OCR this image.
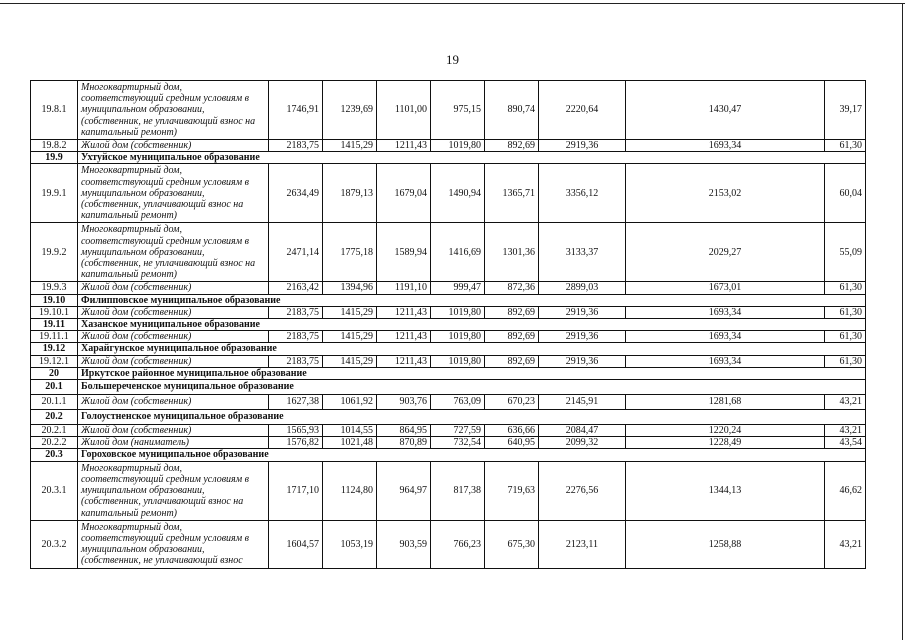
19
19.8.1	Многоквартирный дом, соответствующий средним условиям в муниципальном образовании, (собственник, не уплачивающий взнос на капитальный ремонт)	1746,91	1239,69	1101,00	975,15	890,74	2220,64	1430,47	39,17
19.8.2	Жилой дом (собственник)	2183,75	1415,29	1211,43	1019,80	892,69	2919,36	1693,34	61,30
19.9	Ухтуйское муниципальное образование								
19.9.1	Многоквартирный дом, соответствующий средним условиям в муниципальном образовании, (собственник, уплачивающий взнос на капитальный ремонт)	2634,49	1879,13	1679,04	1490,94	1365,71	3356,12	2153,02	60,04
19.9.2	Многоквартирный дом, соответствующий средним условиям в муниципальном образовании, (собственник, не уплачивающий взнос на капитальный ремонт)	2471,14	1775,18	1589,94	1416,69	1301,36	3133,37	2029,27	55,09
19.9.3	Жилой дом (собственник)	2163,42	1394,96	1191,10	999,47	872,36	2899,03	1673,01	61,30
19.10	Филипповское муниципальное образование								
19.10.1	Жилой дом (собственник)	2183,75	1415,29	1211,43	1019,80	892,69	2919,36	1693,34	61,30
19.11	Хазанское муниципальное образование								
19.11.1	Жилой дом (собственник)	2183,75	1415,29	1211,43	1019,80	892,69	2919,36	1693,34	61,30
19.12	Харайгунское муниципальное образование								
19.12.1	Жилой дом (собственник)	2183,75	1415,29	1211,43	1019,80	892,69	2919,36	1693,34	61,30
20	Иркутское районное муниципальное образование								
20.1	Большереченское муниципальное образование								
20.1.1	Жилой дом (собственник)	1627,38	1061,92	903,76	763,09	670,23	2145,91	1281,68	43,21
20.2	Голоустненское муниципальное образование								
20.2.1	Жилой дом (собственник)	1565,93	1014,55	864,95	727,59	636,66	2084,47	1220,24	43,21
20.2.2	Жилой дом (наниматель)	1576,82	1021,48	870,89	732,54	640,95	2099,32	1228,49	43,54
20.3	Гороховское муниципальное образование								
20.3.1	Многоквартирный дом, соответствующий средним условиям в муниципальном образовании, (собственник, уплачивающий взнос на капитальный ремонт)	1717,10	1124,80	964,97	817,38	719,63	2276,56	1344,13	46,62
20.3.2	Многоквартирный дом, соответствующий средним условиям в муниципальном образовании, (собственник, не уплачивающий взнос	1604,57	1053,19	903,59	766,23	675,30	2123,11	1258,88	43,21
